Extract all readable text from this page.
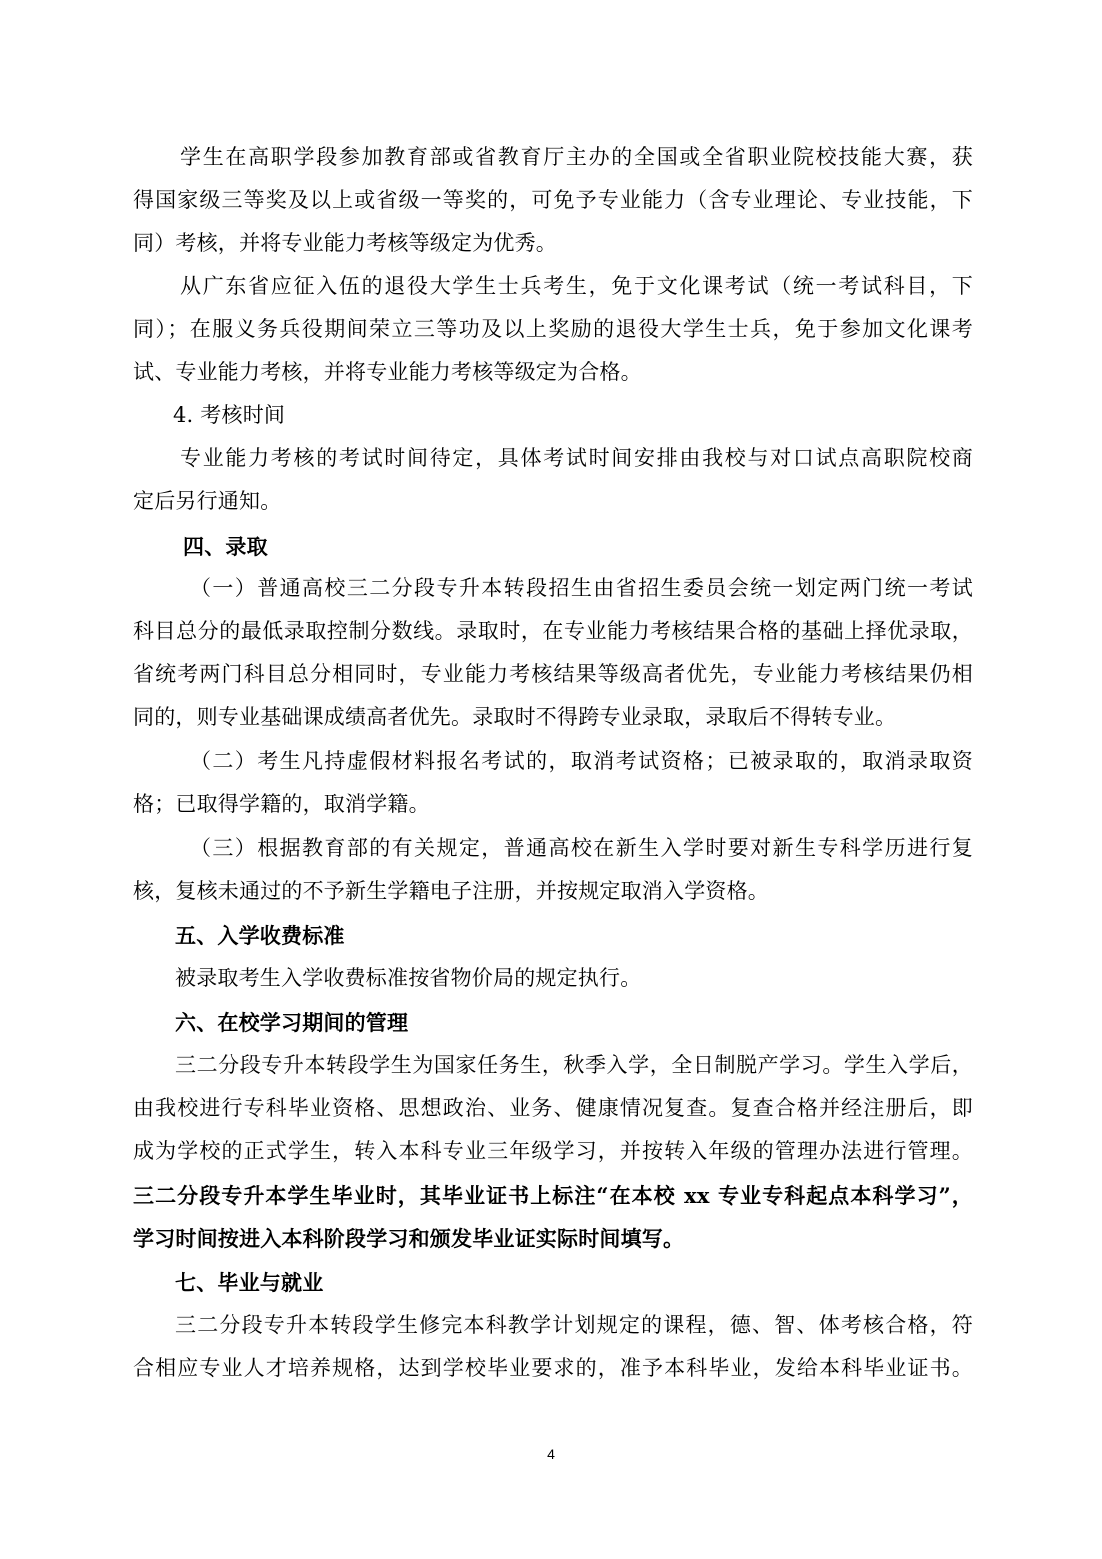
学生在高职学段参加教育部或省教育厅主办的全国或全省职业院校技能大赛，获
得国家级三等奖及以上或省级一等奖的，可免予专业能力（含专业理论、专业技能，下
同）考核，并将专业能力考核等级定为优秀。
从广东省应征入伍的退役大学生士兵考生，免于文化课考试（统一考试科目，下
同）；在服义务兵役期间荣立三等功及以上奖励的退役大学生士兵，免于参加文化课考
试、专业能力考核，并将专业能力考核等级定为合格。
4. 考核时间
专业能力考核的考试时间待定，具体考试时间安排由我校与对口试点高职院校商
定后另行通知。
四、录取
（一）普通高校三二分段专升本转段招生由省招生委员会统一划定两门统一考试
科目总分的最低录取控制分数线。录取时，在专业能力考核结果合格的基础上择优录取，
省统考两门科目总分相同时，专业能力考核结果等级高者优先，专业能力考核结果仍相
同的，则专业基础课成绩高者优先。录取时不得跨专业录取，录取后不得转专业。
（二）考生凡持虚假材料报名考试的，取消考试资格；已被录取的，取消录取资
格；已取得学籍的，取消学籍。
（三）根据教育部的有关规定，普通高校在新生入学时要对新生专科学历进行复
核，复核未通过的不予新生学籍电子注册，并按规定取消入学资格。
五、入学收费标准
被录取考生入学收费标准按省物价局的规定执行。
六、在校学习期间的管理
三二分段专升本转段学生为国家任务生，秋季入学，全日制脱产学习。学生入学后，
由我校进行专科毕业资格、思想政治、业务、健康情况复查。复查合格并经注册后，即
成为学校的正式学生，转入本科专业三年级学习，并按转入年级的管理办法进行管理。
三二分段专升本学生毕业时，其毕业证书上标注“在本校 xx 专业专科起点本科学习”，
学习时间按进入本科阶段学习和颁发毕业证实际时间填写。
七、毕业与就业
三二分段专升本转段学生修完本科教学计划规定的课程，德、智、体考核合格，符
合相应专业人才培养规格，达到学校毕业要求的，准予本科毕业，发给本科毕业证书。
4
